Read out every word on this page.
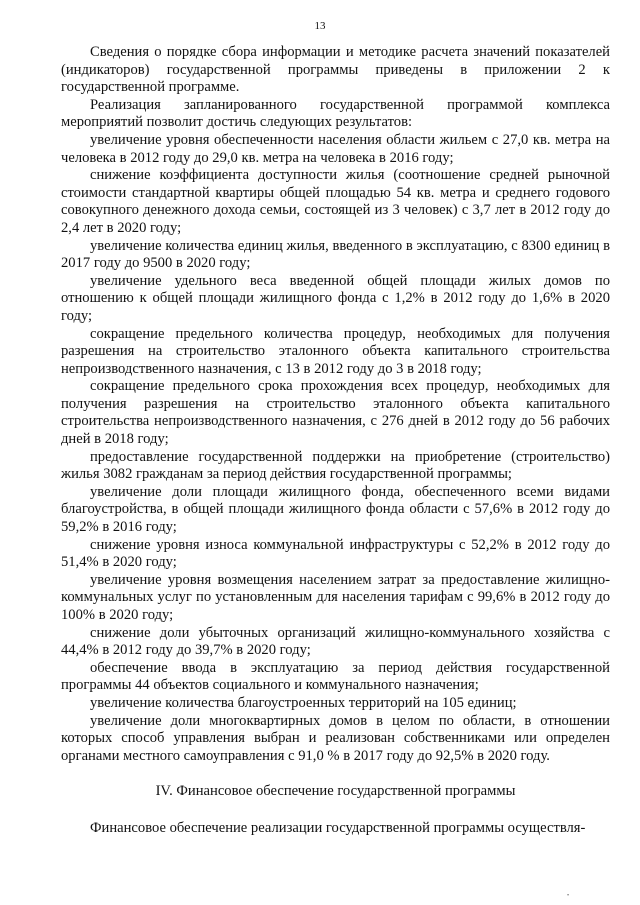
13

Сведения о порядке сбора информации и методике расчета значений показателей (индикаторов) государственной программы приведены в приложении 2 к государственной программе.

Реализация запланированного государственной программой комплекса мероприятий позволит достичь следующих результатов:

увеличение уровня обеспеченности населения области жильем с 27,0 кв. метра на человека в 2012 году до 29,0 кв. метра на человека в 2016 году;

снижение коэффициента доступности жилья (соотношение средней рыночной стоимости стандартной квартиры общей площадью 54 кв. метра и среднего годового совокупного денежного дохода семьи, состоящей из 3 человек) с 3,7 лет в 2012 году до 2,4 лет в 2020 году;

увеличение количества единиц жилья, введенного в эксплуатацию, с 8300 единиц в 2017 году до 9500 в 2020 году;

увеличение удельного веса введенной общей площади жилых домов по отношению к общей площади жилищного фонда с 1,2% в 2012 году до 1,6% в 2020 году;

сокращение предельного количества процедур, необходимых для получения разрешения на строительство эталонного объекта капитального строительства непроизводственного назначения, с 13 в 2012 году до 3 в 2018 году;

сокращение предельного срока прохождения всех процедур, необходимых для получения разрешения на строительство эталонного объекта капитального строительства непроизводственного назначения, с 276 дней в 2012 году до 56 рабочих дней в 2018 году;

предоставление государственной поддержки на приобретение (строительство) жилья 3082 гражданам за период действия государственной программы;

увеличение доли площади жилищного фонда, обеспеченного всеми видами благоустройства, в общей площади жилищного фонда области с 57,6% в 2012 году до 59,2% в 2016 году;

снижение уровня износа коммунальной инфраструктуры с 52,2% в 2012 году до 51,4% в 2020 году;

увеличение уровня возмещения населением затрат за предоставление жилищно-коммунальных услуг по установленным для населения тарифам с 99,6% в 2012 году до 100% в 2020 году;

снижение доли убыточных организаций жилищно-коммунального хозяйства с 44,4% в 2012 году до 39,7% в 2020 году;

обеспечение ввода в эксплуатацию за период действия государственной программы 44 объектов социального и коммунального назначения;

увеличение количества благоустроенных территорий на 105 единиц;

увеличение доли многоквартирных домов в целом по области, в отношении которых способ управления выбран и реализован собственниками или определен органами местного самоуправления с 91,0 % в 2017 году до 92,5% в 2020 году.

IV. Финансовое обеспечение государственной программы

Финансовое обеспечение реализации государственной программы осуществля-

•
